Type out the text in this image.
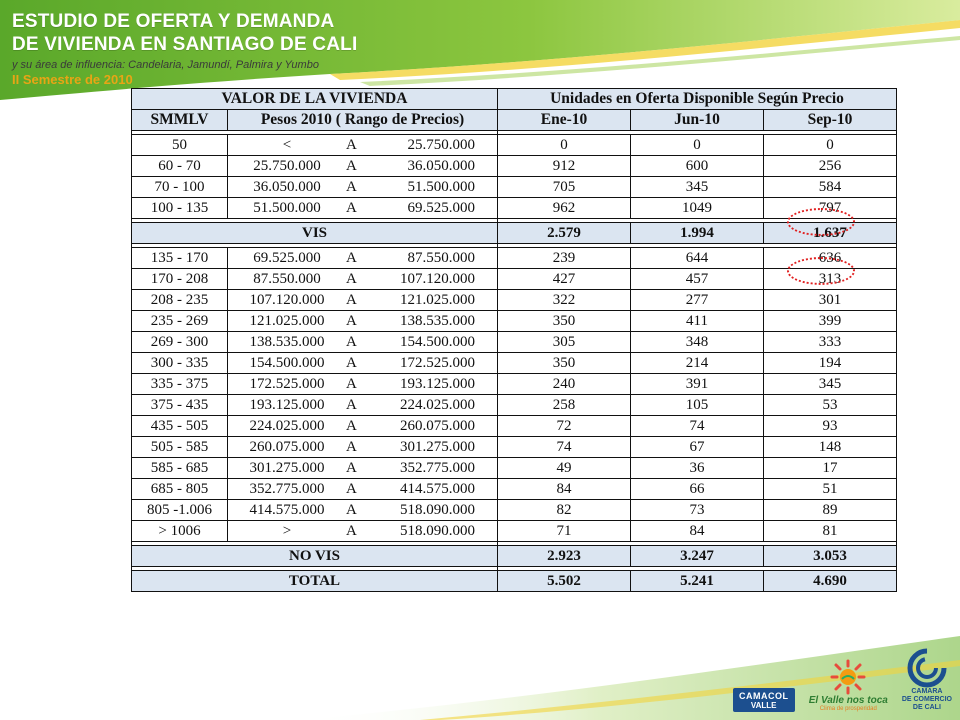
ESTUDIO DE OFERTA Y DEMANDA
DE VIVIENDA EN SANTIAGO DE CALI
y su área de influencia: Candelaria, Jamundí, Palmira y Yumbo
II Semestre de 2010
VALOR DE LA VIVIENDA		Unidades en Oferta Disponible Según Precio		
SMMLV	Pesos 2010 ( Rango de Precios)	Ene-10	Jun-10	Sep-10

50	< A 25.750.000	0	0	0
60 - 70	25.750.000 A 36.050.000	912	600	256
70 - 100	36.050.000 A 51.500.000	705	345	584
100 - 135	51.500.000 A 69.525.000	962	1049	797

VIS		2.579	1.994	1.637

135 - 170	69.525.000 A 87.550.000	239	644	636
170 - 208	87.550.000 A 107.120.000	427	457	313
208 - 235	107.120.000 A 121.025.000	322	277	301
235 - 269	121.025.000 A 138.535.000	350	411	399
269 - 300	138.535.000 A 154.500.000	305	348	333
300 - 335	154.500.000 A 172.525.000	350	214	194
335 - 375	172.525.000 A 193.125.000	240	391	345
375 - 435	193.125.000 A 224.025.000	258	105	53
435 - 505	224.025.000 A 260.075.000	72	74	93
505 - 585	260.075.000 A 301.275.000	74	67	148
585 - 685	301.275.000 A 352.775.000	49	36	17
685 - 805	352.775.000 A 414.575.000	84	66	51
805 -1.006	414.575.000 A 518.090.000	82	73	89
> 1006	> A 518.090.000	71	84	81

NO VIS		2.923	3.247	3.053

TOTAL		5.502	5.241	4.690
CAMACOL
VALLE	El Valle nos toca
Clima de prosperidad
CAMARA
DE COMERCIO
DE CALI
